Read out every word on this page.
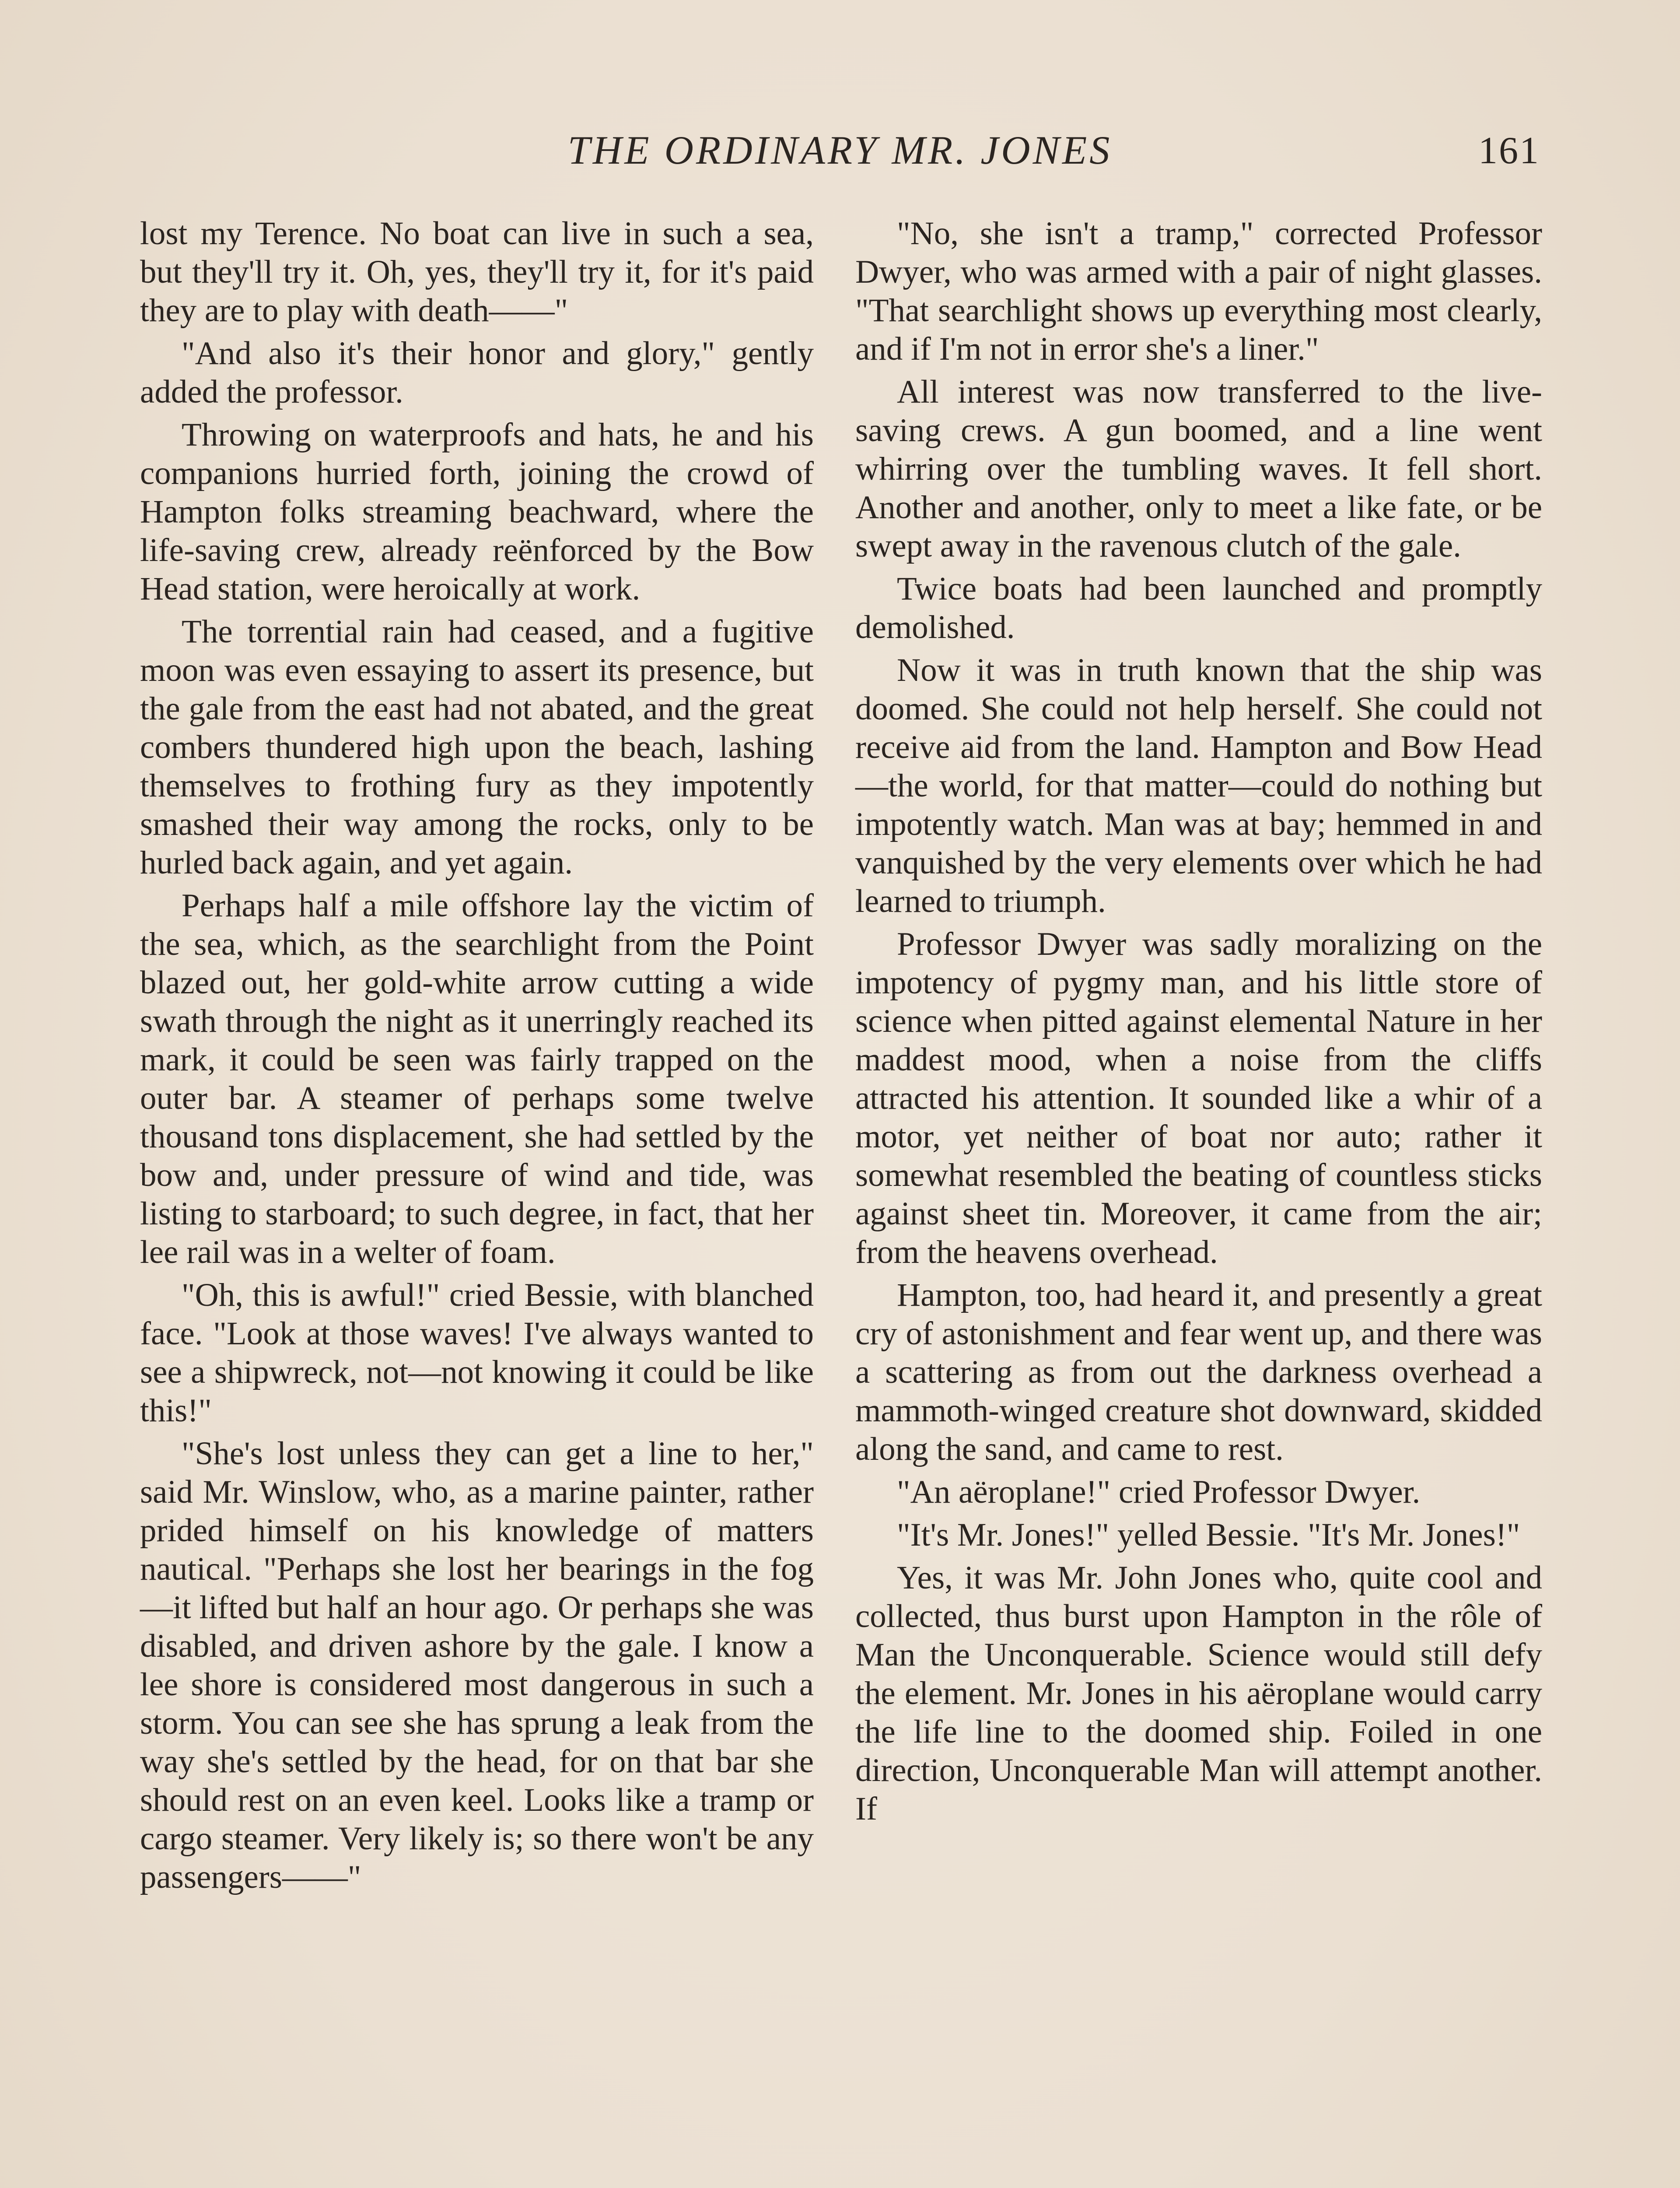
THE ORDINARY MR. JONES	161

lost my Terence. No boat can live in such a sea, but they'll try it. Oh, yes, they'll try it, for it's paid they are to play with death——"

"And also it's their honor and glory," gently added the professor.

Throwing on waterproofs and hats, he and his companions hurried forth, joining the crowd of Hampton folks streaming beachward, where the life-saving crew, already reënforced by the Bow Head station, were heroically at work.

The torrential rain had ceased, and a fugitive moon was even essaying to assert its presence, but the gale from the east had not abated, and the great combers thundered high upon the beach, lashing themselves to frothing fury as they impotently smashed their way among the rocks, only to be hurled back again, and yet again.

Perhaps half a mile offshore lay the victim of the sea, which, as the searchlight from the Point blazed out, her gold-white arrow cutting a wide swath through the night as it unerringly reached its mark, it could be seen was fairly trapped on the outer bar. A steamer of perhaps some twelve thousand tons displacement, she had settled by the bow and, under pressure of wind and tide, was listing to starboard; to such degree, in fact, that her lee rail was in a welter of foam.

"Oh, this is awful!" cried Bessie, with blanched face. "Look at those waves! I've always wanted to see a shipwreck, not—not knowing it could be like this!"

"She's lost unless they can get a line to her," said Mr. Winslow, who, as a marine painter, rather prided himself on his knowledge of matters nautical. "Perhaps she lost her bearings in the fog—it lifted but half an hour ago. Or perhaps she was disabled, and driven ashore by the gale. I know a lee shore is considered most dangerous in such a storm. You can see she has sprung a leak from the way she's settled by the head, for on that bar she should rest on an even keel. Looks like a tramp or cargo steamer. Very likely is; so there won't be any passengers——"

"No, she isn't a tramp," corrected Professor Dwyer, who was armed with a pair of night glasses. "That searchlight shows up everything most clearly, and if I'm not in error she's a liner."

All interest was now transferred to the live-saving crews. A gun boomed, and a line went whirring over the tumbling waves. It fell short. Another and another, only to meet a like fate, or be swept away in the ravenous clutch of the gale.

Twice boats had been launched and promptly demolished.

Now it was in truth known that the ship was doomed. She could not help herself. She could not receive aid from the land. Hampton and Bow Head—the world, for that matter—could do nothing but impotently watch. Man was at bay; hemmed in and vanquished by the very elements over which he had learned to triumph.

Professor Dwyer was sadly moralizing on the impotency of pygmy man, and his little store of science when pitted against elemental Nature in her maddest mood, when a noise from the cliffs attracted his attention. It sounded like a whir of a motor, yet neither of boat nor auto; rather it somewhat resembled the beating of countless sticks against sheet tin. Moreover, it came from the air; from the heavens overhead.

Hampton, too, had heard it, and presently a great cry of astonishment and fear went up, and there was a scattering as from out the darkness overhead a mammoth-winged creature shot downward, skidded along the sand, and came to rest.

"An aëroplane!" cried Professor Dwyer.

"It's Mr. Jones!" yelled Bessie. "It's Mr. Jones!"

Yes, it was Mr. John Jones who, quite cool and collected, thus burst upon Hampton in the rôle of Man the Unconquerable. Science would still defy the element. Mr. Jones in his aëroplane would carry the life line to the doomed ship. Foiled in one direction, Unconquerable Man will attempt another. If
